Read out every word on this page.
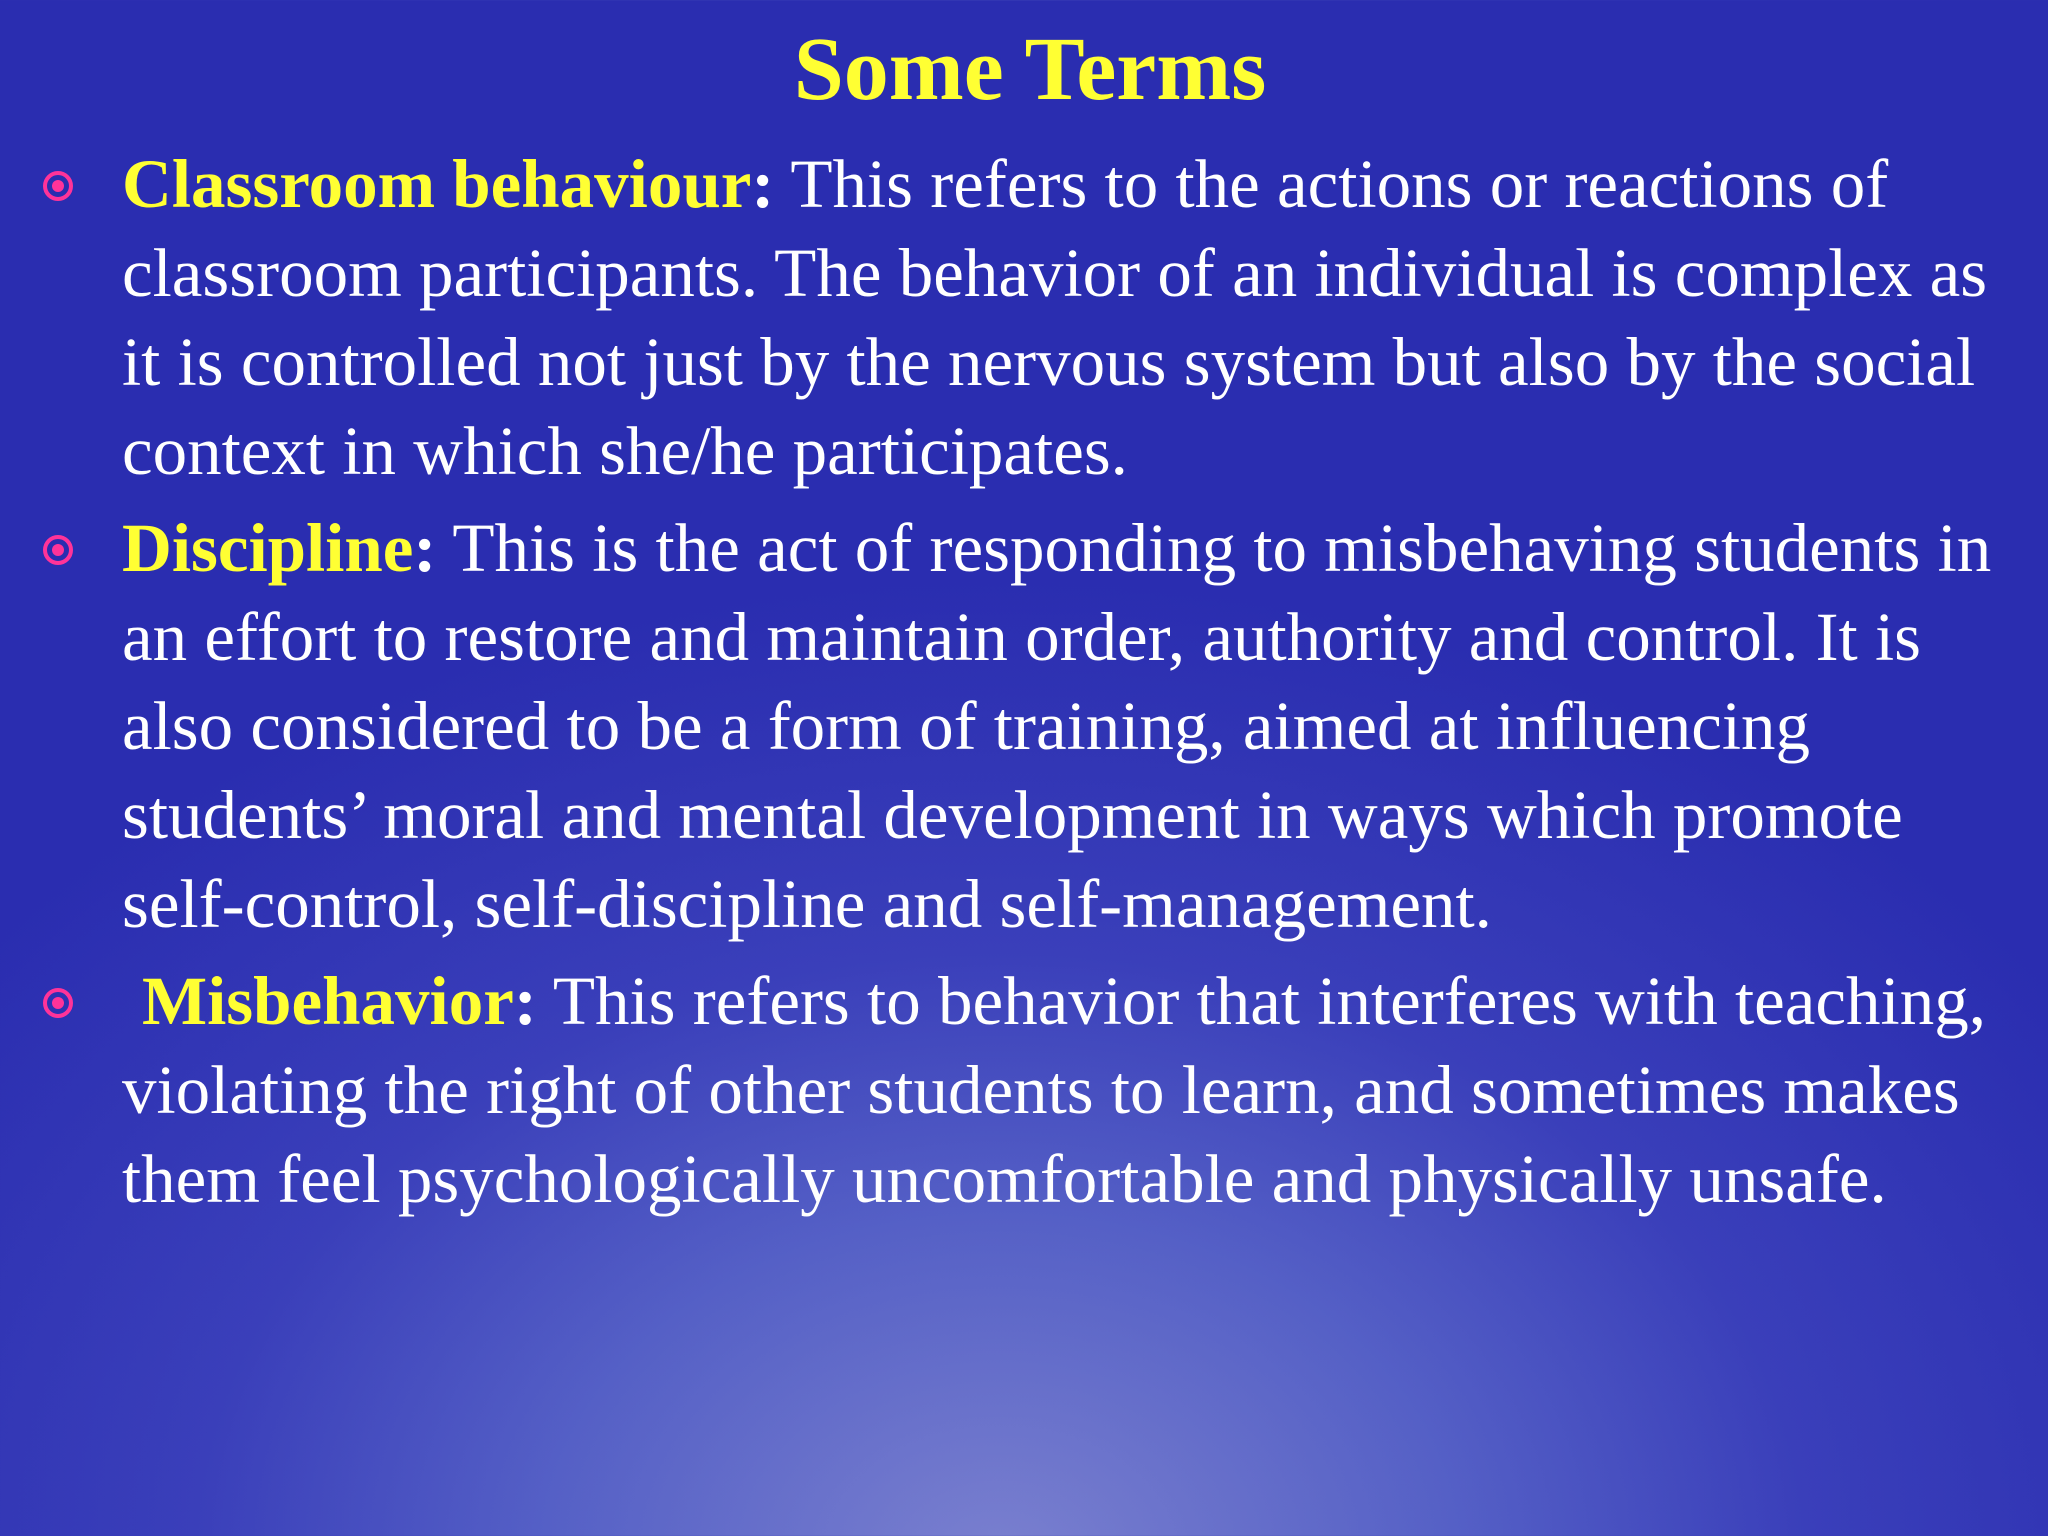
Some Terms
Classroom behaviour: This refers to the actions or reactions of classroom participants. The behavior of an individual is complex as it is controlled not just by the nervous system but also by the social context in which she/he participates.
Discipline: This is the act of responding to misbehaving students in an effort to restore and maintain order, authority and control. It is also considered to be a form of training, aimed at influencing students’ moral and mental development in ways which promote self-control, self-discipline and self-management.
Misbehavior: This refers to behavior that interferes with teaching, violating the right of other students to learn, and sometimes makes them feel psychologically uncomfortable and physically unsafe.
